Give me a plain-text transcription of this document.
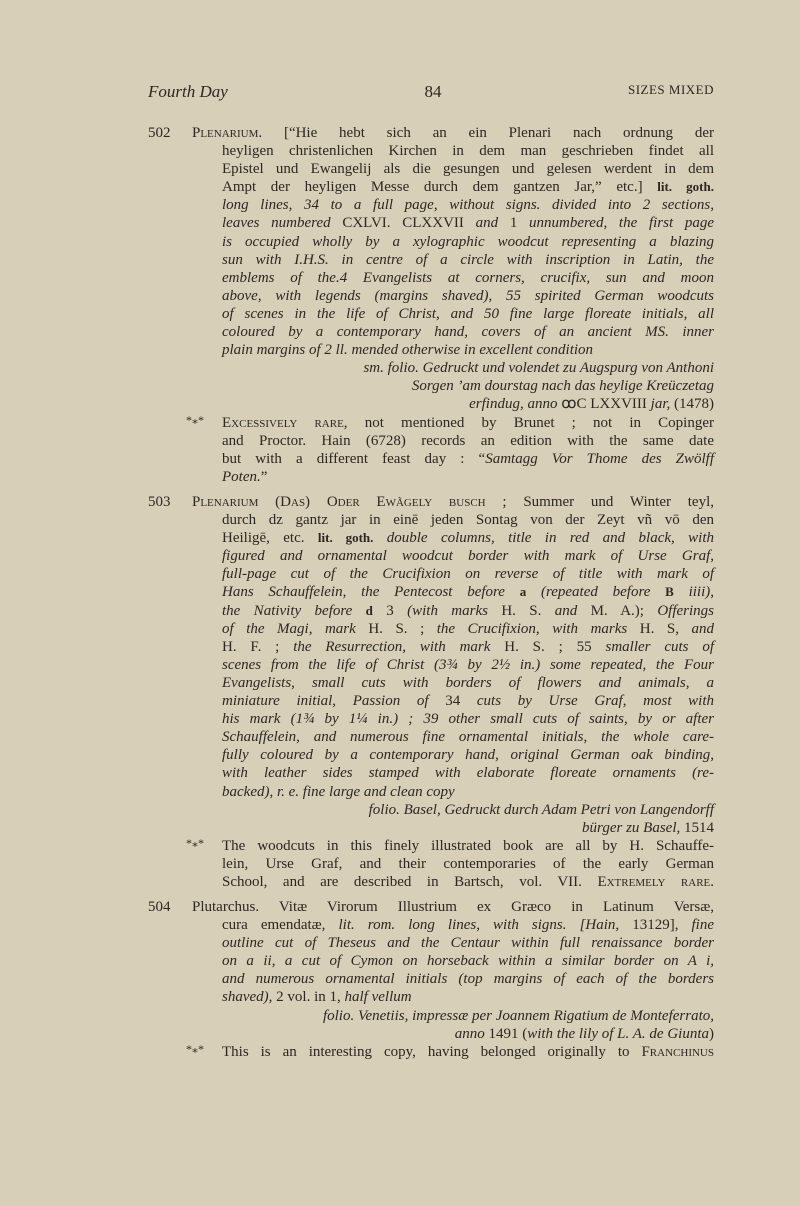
Fourth Day	84	SIZES MIXED
502 Plenarium. [“Hie hebt sich an ein Plenari nach ordnung der
heyligen christenlichen Kirchen in dem man geschrieben findet all
Epistel und Ewangelij als die gesungen und gelesen werdent in dem
Ampt der heyligen Messe durch dem gantzen Jar,” etc.] lit. goth.
long lines, 34 to a full page, without signs. divided into 2 sections,
leaves numbered CXLVI. CLXXVII and 1 unnumbered, the first page
is occupied wholly by a xylographic woodcut representing a blazing
sun with I.H.S. in centre of a circle with inscription in Latin, the
emblems of the.4 Evangelists at corners, crucifix, sun and moon
above, with legends (margins shaved), 55 spirited German woodcuts
of scenes in the life of Christ, and 50 fine large floreate initials, all
coloured by a contemporary hand, covers of an ancient MS. inner
plain margins of 2 ll. mended otherwise in excellent condition
sm. folio. Gedruckt und volendet zu Augspurg von Anthoni
Sorgen ’am dourstag nach das heylige Kreüczetag
erfindug, anno ꝏC LXXVIII jar, (1478)
*⁎* Excessively rare, not mentioned by Brunet ; not in Copinger
and Proctor. Hain (6728) records an edition with the same date
but with a different feast day : “Samtagg Vor Thome des Zwölff
Poten.”
503 Plenarium (Das) Oder Ewãgely busch ; Summer und Winter teyl,
durch dz gantz jar in einē jeden Sontag von der Zeyt vñ vō den
Heiligē, etc. lit. goth. double columns, title in red and black, with
figured and ornamental woodcut border with mark of Urse Graf,
full-page cut of the Crucifixion on reverse of title with mark of
Hans Schauffelein, the Pentecost before a (repeated before B iiii),
the Nativity before d 3 (with marks H. S. and M. A.); Offerings
of the Magi, mark H. S. ; the Crucifixion, with marks H. S, and
H. F. ; the Resurrection, with mark H. S. ; 55 smaller cuts of
scenes from the life of Christ (3¾ by 2½ in.) some repeated, the Four
Evangelists, small cuts with borders of flowers and animals, a
miniature initial, Passion of 34 cuts by Urse Graf, most with
his mark (1¾ by 1¼ in.) ; 39 other small cuts of saints, by or after
Schauffelein, and numerous fine ornamental initials, the whole care-
fully coloured by a contemporary hand, original German oak binding,
with leather sides stamped with elaborate floreate ornaments (re-
backed), r. e. fine large and clean copy
folio. Basel, Gedruckt durch Adam Petri von Langendorff
bürger zu Basel, 1514
*⁎* The woodcuts in this finely illustrated book are all by H. Schauffe-
lein, Urse Graf, and their contemporaries of the early German
School, and are described in Bartsch, vol. VII. Extremely rare.
504 Plutarchus. Vitæ Virorum Illustrium ex Græco in Latinum Versæ,
cura emendatæ, lit. rom. long lines, with signs. [Hain, 13129], fine
outline cut of Theseus and the Centaur within full renaissance border
on a ii, a cut of Cymon on horseback within a similar border on A i,
and numerous ornamental initials (top margins of each of the borders
shaved), 2 vol. in 1, half vellum
folio. Venetiis, impressæ per Joannem Rigatium de Monteferrato,
anno 1491 (with the lily of L. A. de Giunta)
*⁎* This is an interesting copy, having belonged originally to Franchinus
